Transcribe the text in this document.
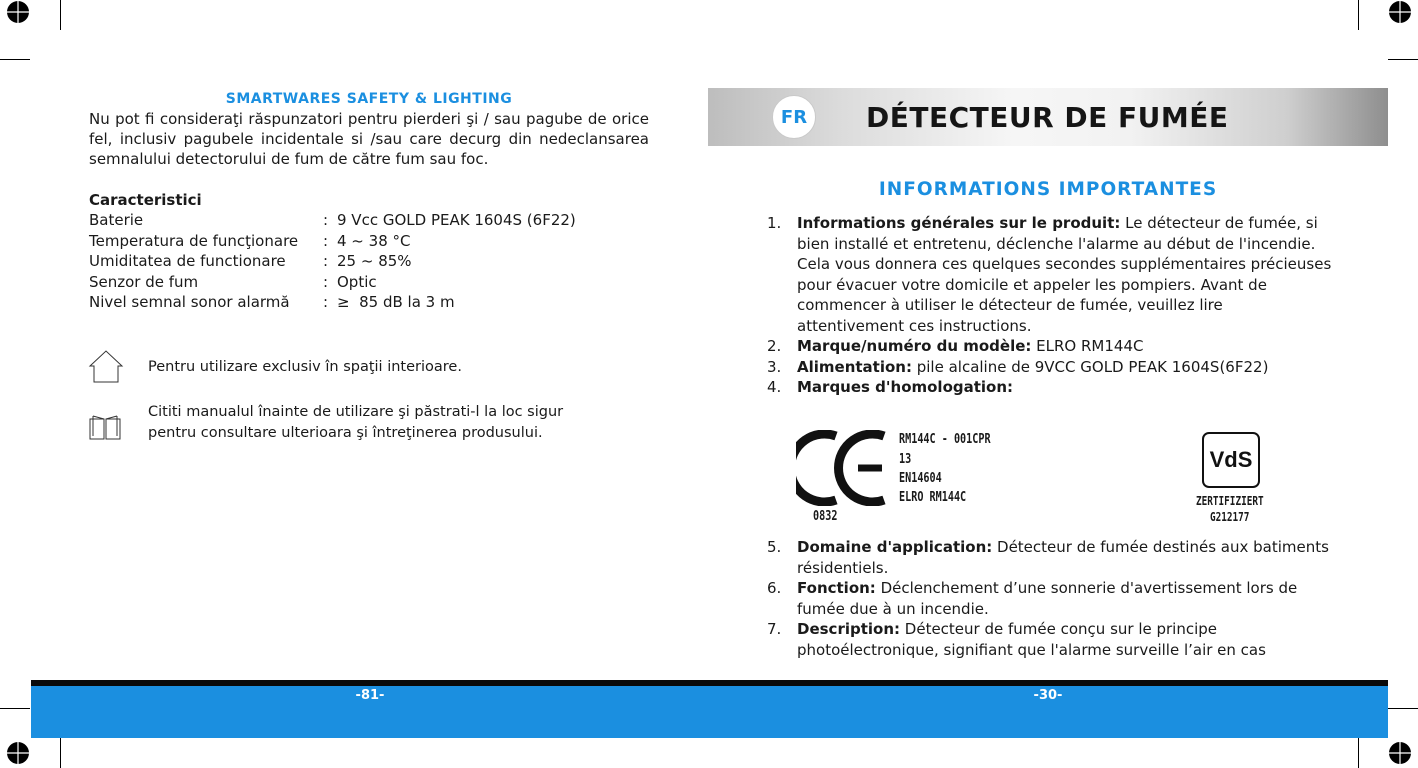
SMARTWARES SAFETY & LIGHTING
Nu pot fi consideraţi răspunzatori pentru pierderi şi / sau pagube de orice fel, inclusiv pagubele incidentale si /sau care decurg din nedeclansarea semnalului detectorului de fum de către fum sau foc.
Caracteristici
Baterie	: 9 Vcc GOLD PEAK 1604S (6F22)
Temperatura de funcţionare	: 4 ~ 38 °C
Umiditatea de functionare	: 25 ~ 85%
Senzor de fum	: Optic
Nivel semnal sonor alarmă	: ≥  85 dB la 3 m
Pentru utilizare exclusiv în spaţii interioare.
Cititi manualul înainte de utilizare şi păstrati-l la loc sigur pentru consultare ulterioara şi întreţinerea produsului.
FR	DÉTECTEUR DE FUMÉE
INFORMATIONS IMPORTANTES
1.	Informations générales sur le produit: Le détecteur de fumée, si bien installé et entretenu, déclenche l'alarme au début de l'incendie. Cela vous donnera ces quelques secondes supplémentaires précieuses pour évacuer votre domicile et appeler les pompiers. Avant de commencer à utiliser le détecteur de fumée, veuillez lire attentivement ces instructions.
2.	Marque/numéro du modèle: ELRO RM144C
3.	Alimentation: pile alcaline de 9VCC GOLD PEAK 1604S(6F22)
4.	Marques d'homologation:
0832
RM144C - 001CPR
13
EN14604
ELRO RM144C
VdS
ZERTIFIZIERT
G212177
5.	Domaine d'application: Détecteur de fumée destinés aux batiments résidentiels.
6.	Fonction: Déclenchement d’une sonnerie d'avertissement lors de fumée due à un incendie.
7.	Description: Détecteur de fumée conçu sur le principe photoélectronique, signifiant que l'alarme surveille l’air en cas
-81-	-30-
